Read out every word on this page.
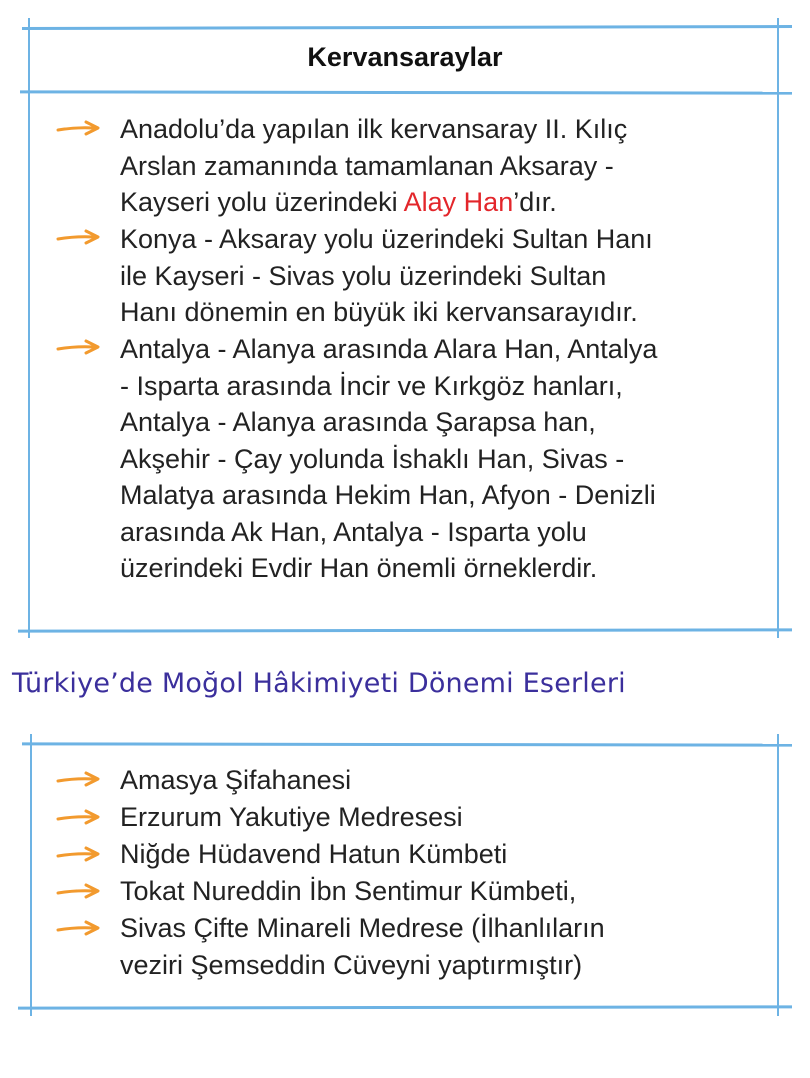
Kervansaraylar

Anadolu’da yapılan ilk kervansaray II. Kılıç
Arslan zamanında tamamlanan Aksaray -
Kayseri yolu üzerindeki Alay Han’dır.

Konya - Aksaray yolu üzerindeki Sultan Hanı
ile Kayseri - Sivas yolu üzerindeki Sultan
Hanı dönemin en büyük iki kervansarayıdır.

Antalya - Alanya arasında Alara Han, Antalya
- Isparta arasında İncir ve Kırkgöz hanları,
Antalya - Alanya arasında Şarapsa han,
Akşehir - Çay yolunda İshaklı Han, Sivas -
Malatya arasında Hekim Han, Afyon - Denizli
arasında Ak Han, Antalya - Isparta yolu
üzerindeki Evdir Han önemli örneklerdir.

Türkiye’de Moğol Hâkimiyeti Dönemi Eserleri

Amasya Şifahanesi

Erzurum Yakutiye Medresesi

Niğde Hüdavend Hatun Kümbeti

Tokat Nureddin İbn Sentimur Kümbeti,

Sivas Çifte Minareli Medrese (İlhanlıların
veziri Şemseddin Cüveyni yaptırmıştır)
